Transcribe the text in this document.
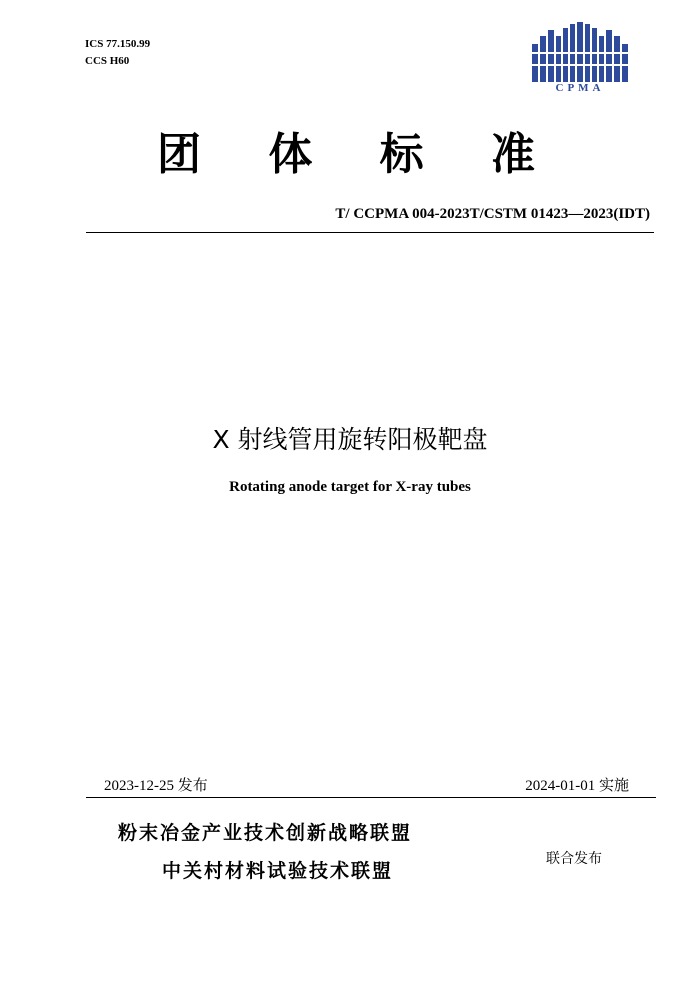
ICS 77.150.99
CCS H60
CPMA
团 体 标 准
T/ CCPMA 004-2023T/CSTM 01423—2023(IDT)
X 射线管用旋转阳极靶盘
Rotating anode target for X-ray tubes
2023-12-25 发布	2024-01-01 实施
粉末冶金产业技术创新战略联盟
中关村材料试验技术联盟
联合发布
